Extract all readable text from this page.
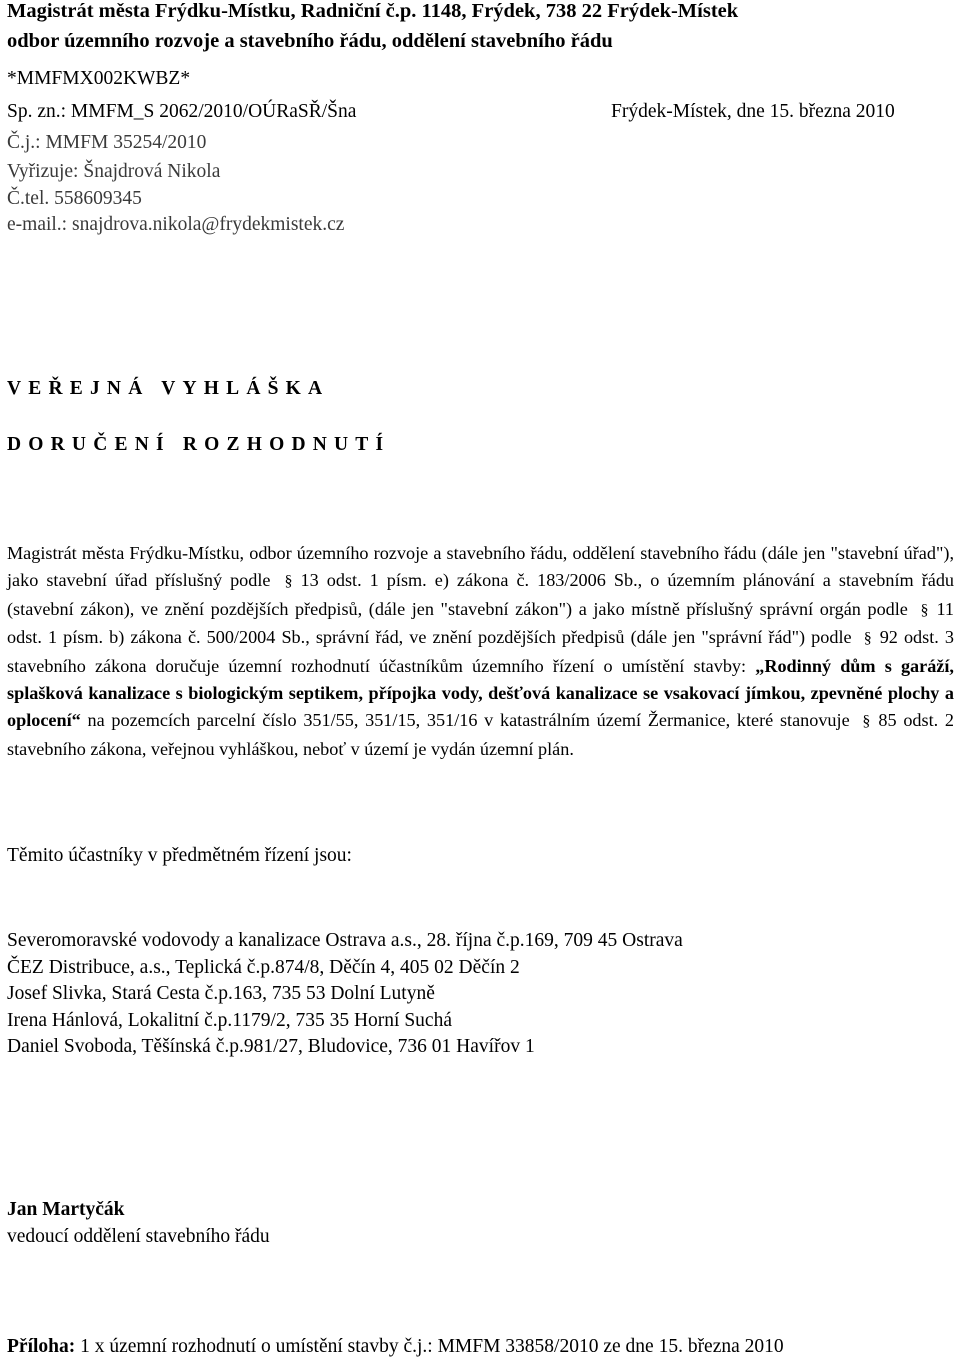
Magistrát města Frýdku-Místku, Radniční č.p. 1148, Frýdek, 738 22 Frýdek-Místek
odbor územního rozvoje a stavebního řádu, oddělení stavebního řádu
*MMFMX002KWBZ*
Sp. zn.: MMFM_S 2062/2010/OÚRaSŘ/Šna	Frýdek-Místek, dne 15. března 2010
Č.j.: MMFM 35254/2010
Vyřizuje: Šnajdrová Nikola
Č.tel. 558609345
e-mail.: snajdrova.nikola@frydekmistek.cz
VEŘEJNÁ VYHLÁŠKA
DORUČENÍ ROZHODNUTÍ
Magistrát města Frýdku-Místku, odbor územního rozvoje a stavebního řádu, oddělení stavebního řádu (dále jen "stavební úřad"), jako stavební úřad příslušný podle § 13 odst. 1 písm. e) zákona č. 183/2006 Sb., o územním plánování a stavebním řádu (stavební zákon), ve znění pozdějších předpisů, (dále jen "stavební zákon") a jako místně příslušný správní orgán podle § 11 odst. 1 písm. b) zákona č. 500/2004 Sb., správní řád, ve znění pozdějších předpisů (dále jen "správní řád") podle § 92 odst. 3 stavebního zákona doručuje územní rozhodnutí účastníkům územního řízení o umístění stavby: „Rodinný dům s garáží, splašková kanalizace s biologickým septikem, přípojka vody, dešťová kanalizace se vsakovací jímkou, zpevněné plochy a oplocení“ na pozemcích parcelní číslo 351/55, 351/15, 351/16 v katastrálním území Žermanice, které stanovuje § 85 odst. 2 stavebního zákona, veřejnou vyhláškou, neboť v území je vydán územní plán.
Těmito účastníky v předmětném řízení jsou:
Severomoravské vodovody a kanalizace Ostrava a.s., 28. října č.p.169, 709 45 Ostrava
ČEZ Distribuce, a.s., Teplická č.p.874/8, Děčín 4, 405 02 Děčín 2
Josef Slivka, Stará Cesta č.p.163, 735 53 Dolní Lutyně
Irena Hánlová, Lokalitní č.p.1179/2, 735 35 Horní Suchá
Daniel Svoboda, Těšínská č.p.981/27, Bludovice, 736 01 Havířov 1
Jan Martyčák
vedoucí oddělení stavebního řádu
Příloha: 1 x územní rozhodnutí o umístění stavby č.j.: MMFM 33858/2010 ze dne 15. března 2010
